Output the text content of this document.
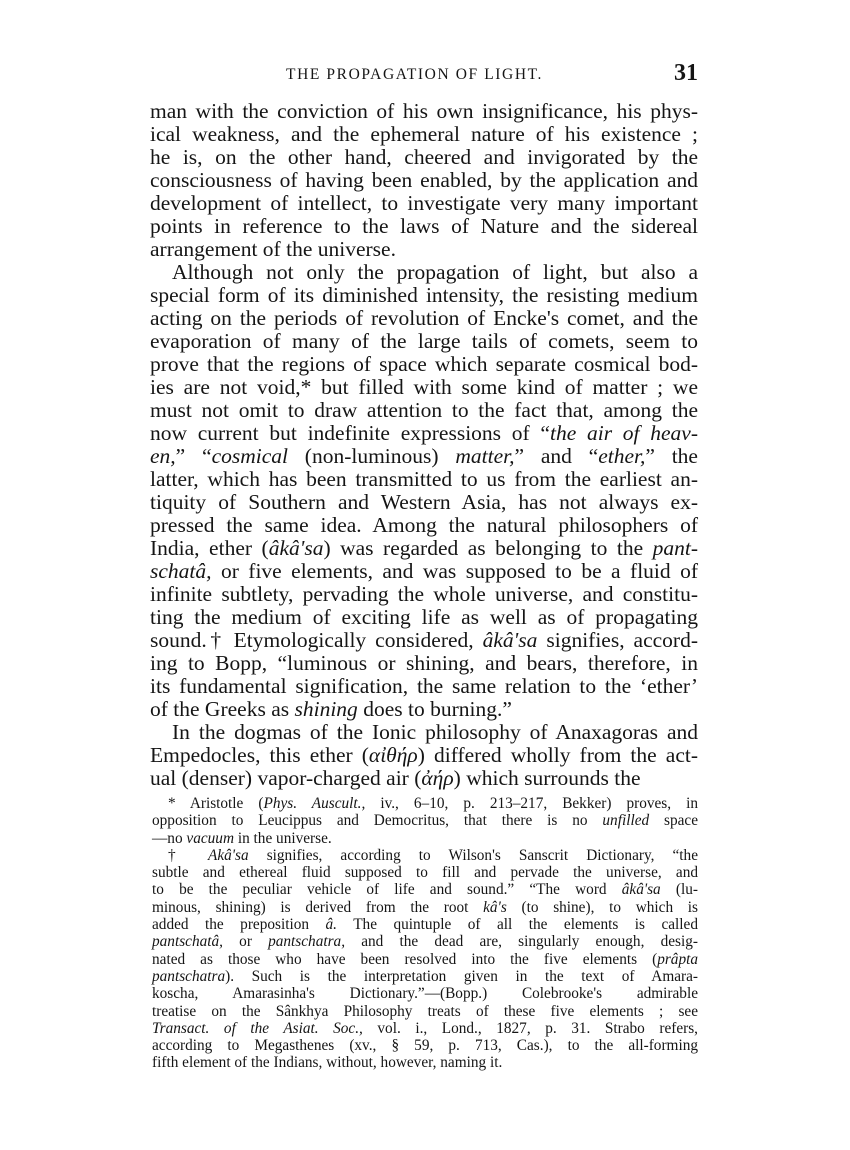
THE PROPAGATION OF LIGHT.	31
man with the conviction of his own insignificance, his phys-
ical weakness, and the ephemeral nature of his existence ;
he is, on the other hand, cheered and invigorated by the
consciousness of having been enabled, by the application and
development of intellect, to investigate very many important
points in reference to the laws of Nature and the sidereal
arrangement of the universe.
Although not only the propagation of light, but also a
special form of its diminished intensity, the resisting medium
acting on the periods of revolution of Encke's comet, and the
evaporation of many of the large tails of comets, seem to
prove that the regions of space which separate cosmical bod-
ies are not void,* but filled with some kind of matter ; we
must not omit to draw attention to the fact that, among the
now current but indefinite expressions of “the air of heav-
en,” “cosmical (non-luminous) matter,” and “ether,” the
latter, which has been transmitted to us from the earliest an-
tiquity of Southern and Western Asia, has not always ex-
pressed the same idea. Among the natural philosophers of
India, ether (âkâ'sa) was regarded as belonging to the pant-
schatâ, or five elements, and was supposed to be a fluid of
infinite subtlety, pervading the whole universe, and constitu-
ting the medium of exciting life as well as of propagating
sound.† Etymologically considered, âkâ'sa signifies, accord-
ing to Bopp, “luminous or shining, and bears, therefore, in
its fundamental signification, the same relation to the ‘ether’
of the Greeks as shining does to burning.”
In the dogmas of the Ionic philosophy of Anaxagoras and
Empedocles, this ether (αἰθήρ) differed wholly from the act-
ual (denser) vapor-charged air (ἀήρ) which surrounds the
* Aristotle (Phys. Auscult., iv., 6–10, p. 213–217, Bekker) proves, in
opposition to Leucippus and Democritus, that there is no unfilled space
—no vacuum in the universe.
† Akâ'sa signifies, according to Wilson's Sanscrit Dictionary, “the
subtle and ethereal fluid supposed to fill and pervade the universe, and
to be the peculiar vehicle of life and sound.” “The word âkâ'sa (lu-
minous, shining) is derived from the root kâ's (to shine), to which is
added the preposition â. The quintuple of all the elements is called
pantschatâ, or pantschatra, and the dead are, singularly enough, desig-
nated as those who have been resolved into the five elements (prâpta
pantschatra). Such is the interpretation given in the text of Amara-
koscha, Amarasinha's Dictionary.”—(Bopp.) Colebrooke's admirable
treatise on the Sânkhya Philosophy treats of these five elements ; see
Transact. of the Asiat. Soc., vol. i., Lond., 1827, p. 31. Strabo refers,
according to Megasthenes (xv., § 59, p. 713, Cas.), to the all-forming
fifth element of the Indians, without, however, naming it.
